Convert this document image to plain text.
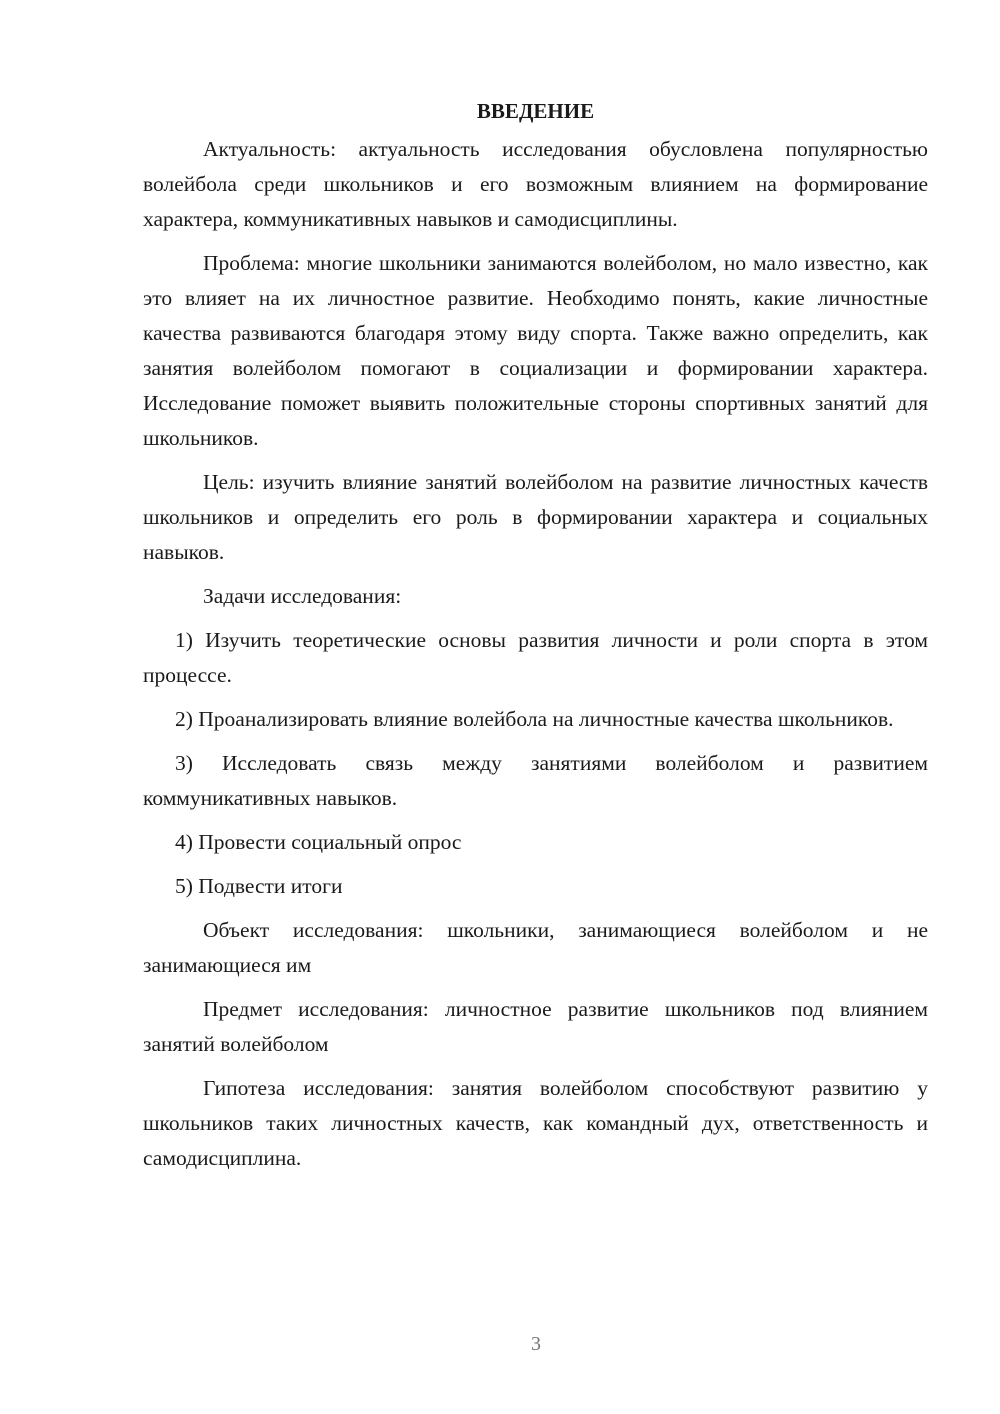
ВВЕДЕНИЕ

Актуальность: актуальность исследования обусловлена популярностью волейбола среди школьников и его возможным влиянием на формирование характера, коммуникативных навыков и самодисциплины.

Проблема: многие школьники занимаются волейболом, но мало известно, как это влияет на их личностное развитие. Необходимо понять, какие личностные качества развиваются благодаря этому виду спорта. Также важно определить, как занятия волейболом помогают в социализации и формировании характера. Исследование поможет выявить положительные стороны спортивных занятий для школьников.

Цель: изучить влияние занятий волейболом на развитие личностных качеств школьников и определить его роль в формировании характера и социальных навыков.

Задачи исследования:

1) Изучить теоретические основы развития личности и роли спорта в этом процессе.

2) Проанализировать влияние волейбола на личностные качества школьников.

3) Исследовать связь между занятиями волейболом и развитием коммуникативных навыков.

4) Провести социальный опрос

5) Подвести итоги

Объект исследования: школьники, занимающиеся волейболом и не занимающиеся им

Предмет исследования: личностное развитие школьников под влиянием занятий волейболом

Гипотеза исследования: занятия волейболом способствуют развитию у школьников таких личностных качеств, как командный дух, ответственность и самодисциплина.

3
